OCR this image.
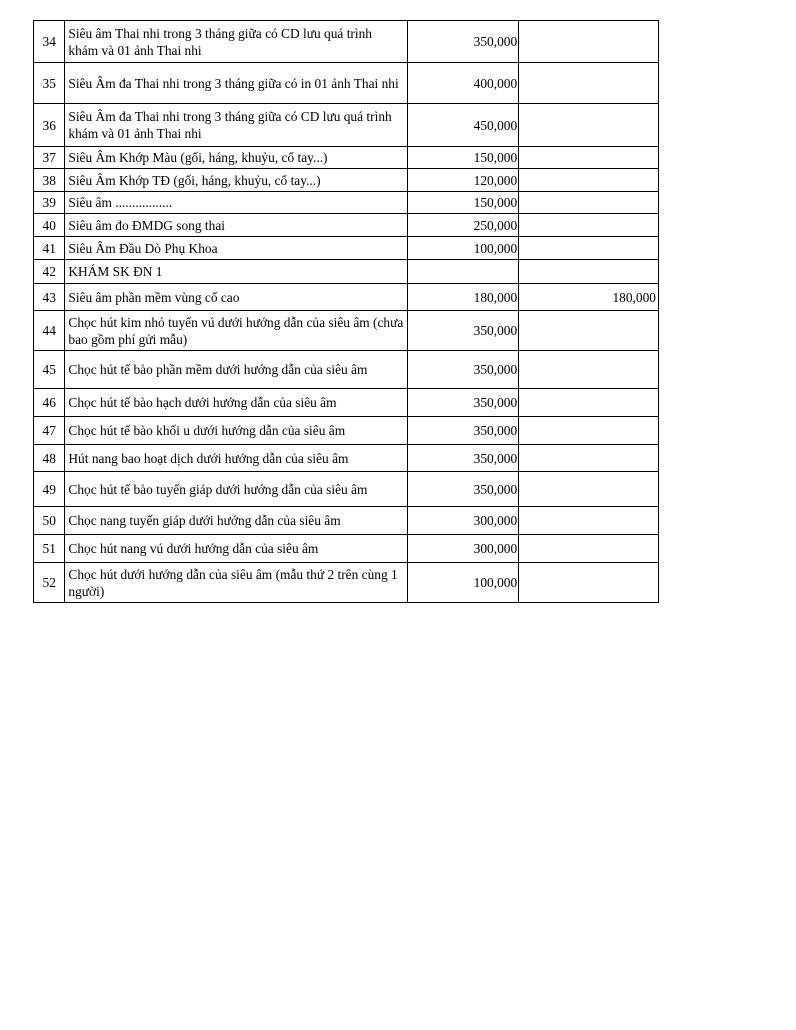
34	Siêu âm Thai nhi trong 3 tháng giữa có CD lưu quá trình khám và 01 ảnh Thai nhi	350,000	
35	Siêu Âm đa Thai nhi trong 3 tháng giữa có in 01 ảnh Thai nhi	400,000	
36	Siêu Âm đa Thai nhi trong 3 tháng giữa có CD lưu quá trình khám và 01 ảnh Thai nhi	450,000	
37	Siêu Âm Khớp Màu (gối, háng, khuỷu, cổ tay...)	150,000	
38	Siêu Âm Khớp TĐ (gối, háng, khuỷu, cổ tay...)	120,000	
39	Siêu âm .................	150,000	
40	Siêu âm đo ĐMDG song thai	250,000	
41	Siêu Âm Đầu Dò Phụ Khoa	100,000	
42	KHÁM SK ĐN 1		
43	Siêu âm phần mềm vùng cổ cao	180,000	180,000
44	Chọc hút kim nhỏ tuyến vú dưới hướng dẫn của siêu âm (chưa bao gồm phí gửi mẫu)	350,000	
45	Chọc hút tế bào phần mềm dưới hướng dẫn của siêu âm	350,000	
46	Chọc hút tế bào hạch dưới hướng dẫn của siêu âm	350,000	
47	Chọc hút tế bào khối u dưới hướng dẫn của siêu âm	350,000	
48	Hút nang bao hoạt dịch dưới hướng dẫn của siêu âm	350,000	
49	Chọc hút tế bào tuyến giáp dưới hướng dẫn của siêu âm	350,000	
50	Chọc nang tuyến giáp dưới hướng dẫn của siêu âm	300,000	
51	Chọc hút nang vú dưới hướng dẫn của siêu âm	300,000	
52	Chọc hút dưới hướng dẫn của siêu âm (mẫu thứ 2 trên cùng 1 người)	100,000	
